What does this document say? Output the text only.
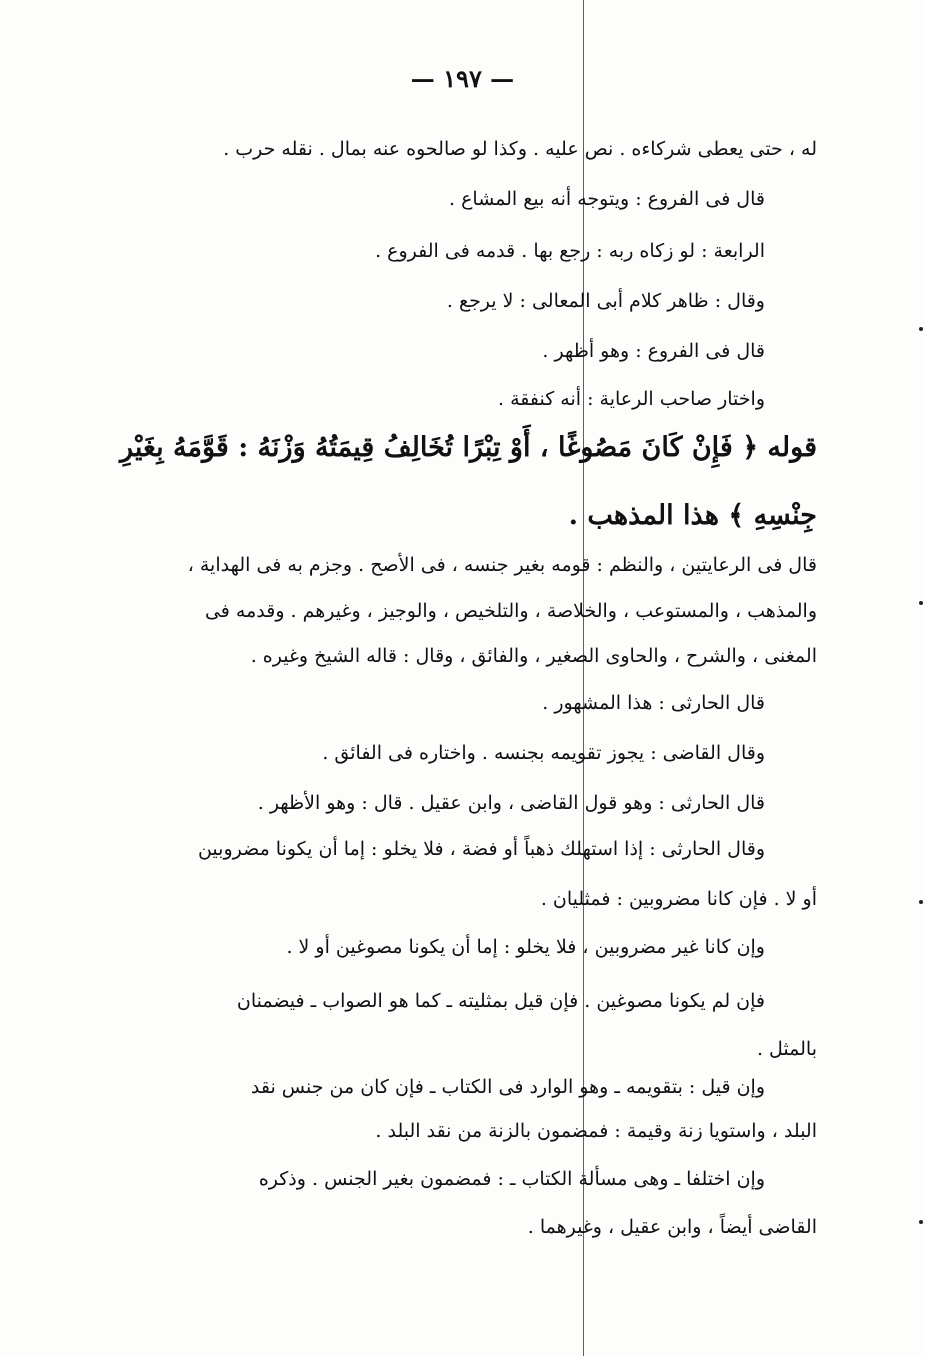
— ١٩٧ —
له ، حتى يعطى شركاءه . نص عليه . وكذا لو صالحوه عنه بمال . نقله حرب .
قال فى الفروع : ويتوجه أنه بيع المشاع .
الرابعة : لو زكاه ربه : رجع بها . قدمه فى الفروع .
وقال : ظاهر كلام أبى المعالى : لا يرجع .
قال فى الفروع : وهو أظهر .
واختار صاحب الرعاية : أنه كنفقة .
قوله ﴿ فَإِنْ كَانَ مَصُوغًا ، أَوْ تِبْرًا تُخَالِفُ قِيمَتُهُ وَزْنَهُ : قَوَّمَهُ بِغَيْرِ
جِنْسِهِ ﴾ هذا المذهب .
قال فى الرعايتين ، والنظم : قومه بغير جنسه ، فى الأصح . وجزم به فى الهداية ،
والمذهب ، والمستوعب ، والخلاصة ، والتلخيص ، والوجيز ، وغيرهم . وقدمه فى
المغنى ، والشرح ، والحاوى الصغير ، والفائق ، وقال : قاله الشيخ وغيره .
قال الحارثى : هذا المشهور .
وقال القاضى : يجوز تقويمه بجنسه . واختاره فى الفائق .
قال الحارثى : وهو قول القاضى ، وابن عقيل . قال : وهو الأظهر .
وقال الحارثى : إذا استهلك ذهباً أو فضة ، فلا يخلو : إما أن يكونا مضروبين
أو لا . فإن كانا مضروبين : فمثليان .
وإن كانا غير مضروبين ، فلا يخلو : إما أن يكونا مصوغين أو لا .
فإن لم يكونا مصوغين . فإن قيل بمثليته ـ كما هو الصواب ـ فيضمنان
بالمثل .
وإن قيل : بتقويمه ـ وهو الوارد فى الكتاب ـ فإن كان من جنس نقد
البلد ، واستويا زنة وقيمة : فمضمون بالزنة من نقد البلد .
وإن اختلفا ـ وهى مسألة الكتاب ـ : فمضمون بغير الجنس . وذكره
القاضى أيضاً ، وابن عقيل ، وغيرهما .
